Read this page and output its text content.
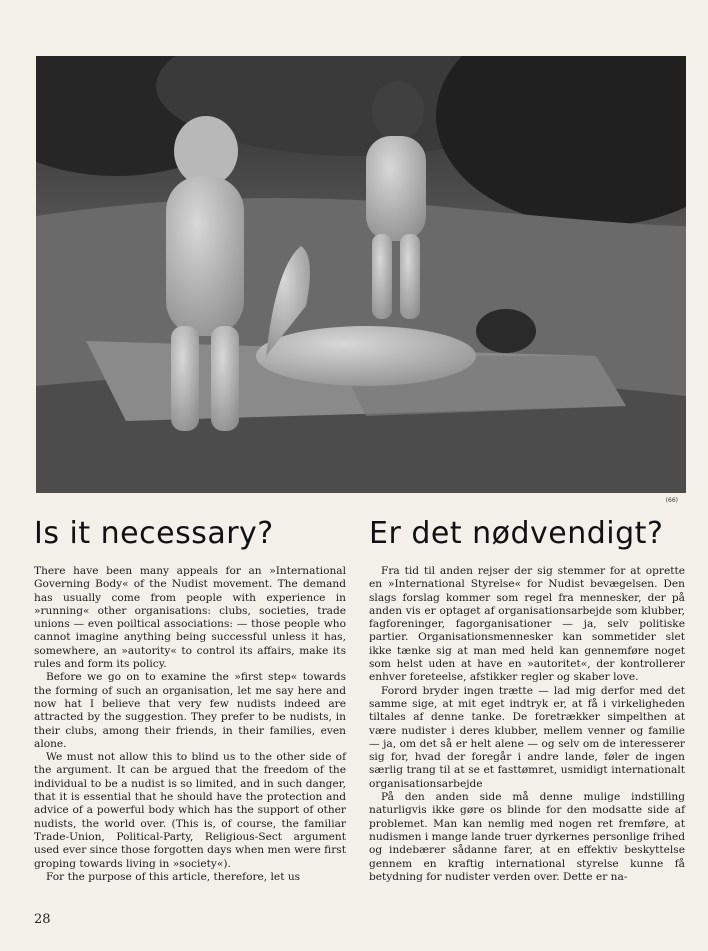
(66)
Is it necessary?

There have been many appeals for an »International Governing Body« of the Nudist movement. The demand has usually come from people with experience in »running« other organisations: clubs, societies, trade unions — even poiltical associations: — those people who cannot imagine anything being successful unless it has, somewhere, an »autority« to control its affairs, make its rules and form its policy.

Before we go on to examine the »first step« towards the forming of such an organisation, let me say here and now hat I believe that very few nudists indeed are attracted by the suggestion. They prefer to be nudists, in their clubs, among their friends, in their families, even alone.

We must not allow this to blind us to the other side of the argument. It can be argued that the freedom of the individual to be a nudist is so limited, and in such danger, that it is essential that he should have the protection and advice of a powerful body which has the support of other nudists, the world over. (This is, of course, the familiar Trade-Union, Political-Party, Religious-Sect argument used ever since those forgotten days when men were first groping towards living in »society«).

For the purpose of this article, therefore, let us

Er det nødvendigt?

Fra tid til anden rejser der sig stemmer for at oprette en »International Styrelse« for Nudist bevægelsen. Den slags forslag kommer som regel fra mennesker, der på anden vis er optaget af organisationsarbejde som klubber, fagforeninger, fagorganisationer — ja, selv politiske partier. Organisationsmennesker kan sommetider slet ikke tænke sig at man med held kan gennemføre noget som helst uden at have en »autoritet«, der kontrollerer enhver foreteelse, afstikker regler og skaber love.

Forord bryder ingen trætte — lad mig derfor med det samme sige, at mit eget indtryk er, at få i virkeligheden tiltales af denne tanke. De foretrækker simpelthen at være nudister i deres klubber, mellem venner og familie — ja, om det så er helt alene — og selv om de interesserer sig for, hvad der foregår i andre lande, føler de ingen særlig trang til at se et fasttømret, usmidigt internationalt organisationsarbejde

På den anden side må denne mulige indstilling naturligvis ikke gøre os blinde for den modsatte side af problemet. Man kan nemlig med nogen ret fremføre, at nudismen i mange lande truer dyrkernes personlige frihed og indebærer sådanne farer, at en effektiv beskyttelse gennem en kraftig international styrelse kunne få betydning for nudister verden over. Dette er na-

28
